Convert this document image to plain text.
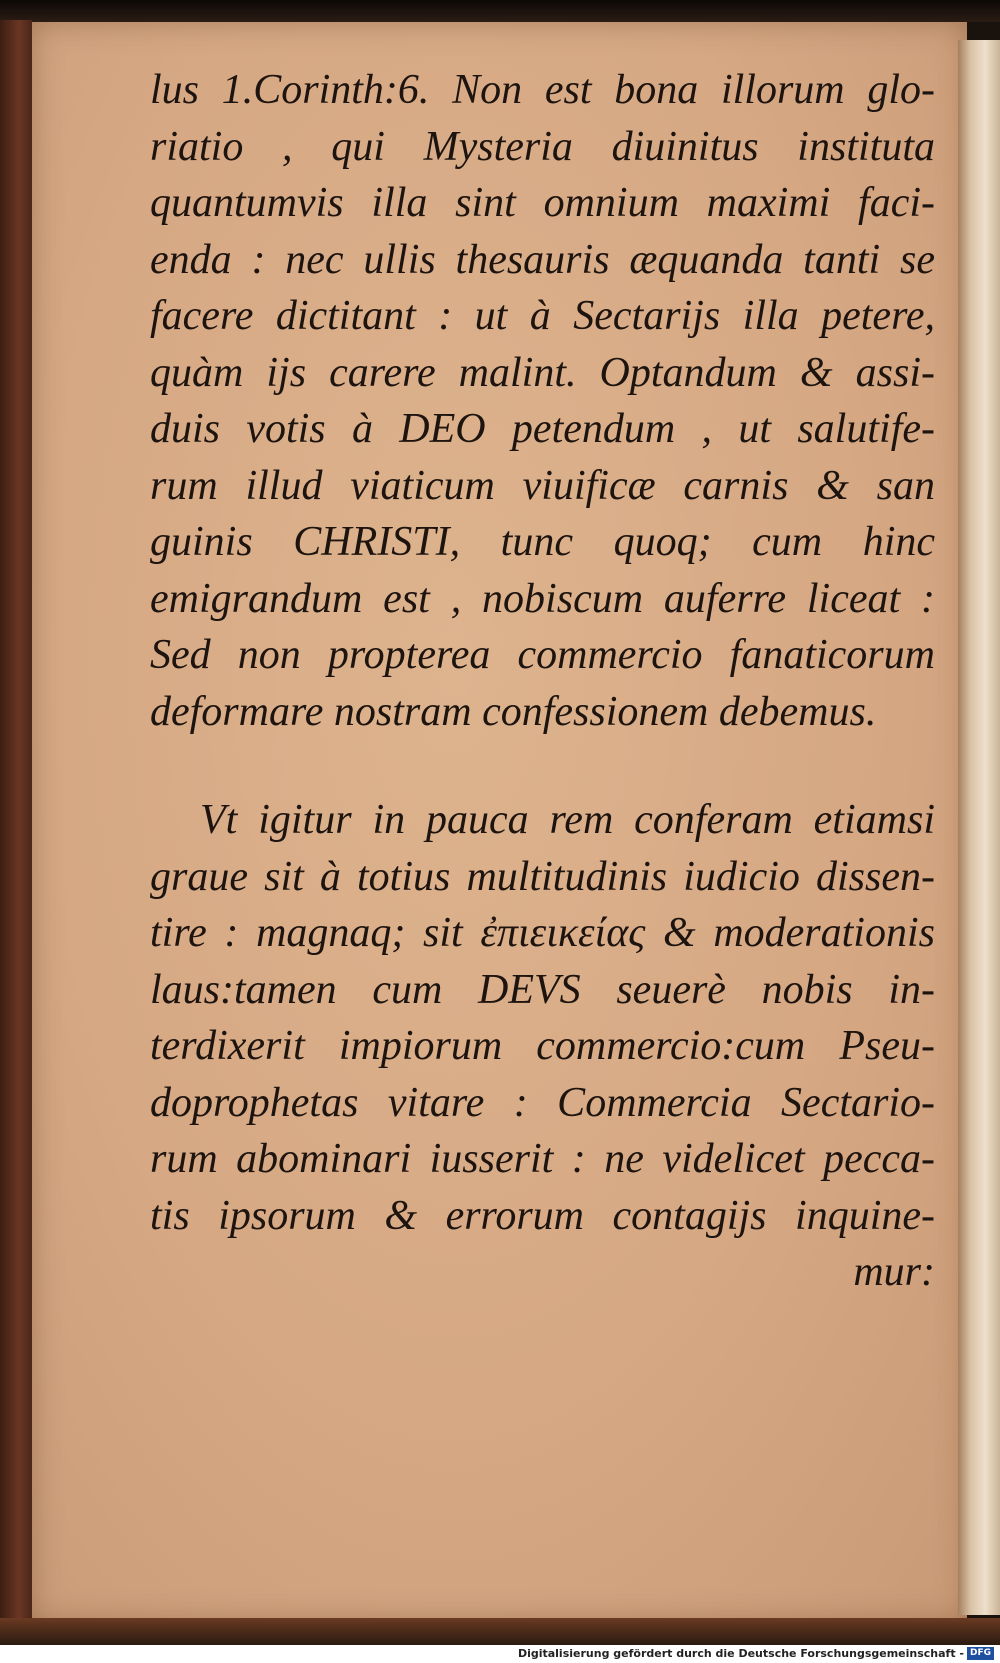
lus 1.Corinth:6. Non est bona illorum glo-
riatio , qui Mysteria diuinitus instituta
quantumvis illa sint omnium maximi faci-
enda : nec ullis thesauris æquanda tanti se
facere dictitant : ut à Sectarijs illa petere,
quàm ijs carere malint. Optandum & assi-
duis votis à DEO petendum , ut salutife-
rum illud viaticum viuificæ carnis & san
guinis CHRISTI, tunc quoq; cum hinc
emigrandum est , nobiscum auferre liceat :
Sed non propterea commercio fanaticorum
deformare nostram confessionem debemus.
Vt igitur in pauca rem conferam etiamsi
graue sit à totius multitudinis iudicio dissen-
tire : magnaq; sit ἐπιεικείας & moderationis
laus:tamen cum DEVS seuerè nobis in-
terdixerit impiorum commercio:cum Pseu-
doprophetas vitare : Commercia Sectario-
rum abominari iusserit : ne videlicet pecca-
tis ipsorum & errorum contagijs inquine-
mur:
Digitalisierung gefördert durch die Deutsche Forschungsgemeinschaft - DFG
